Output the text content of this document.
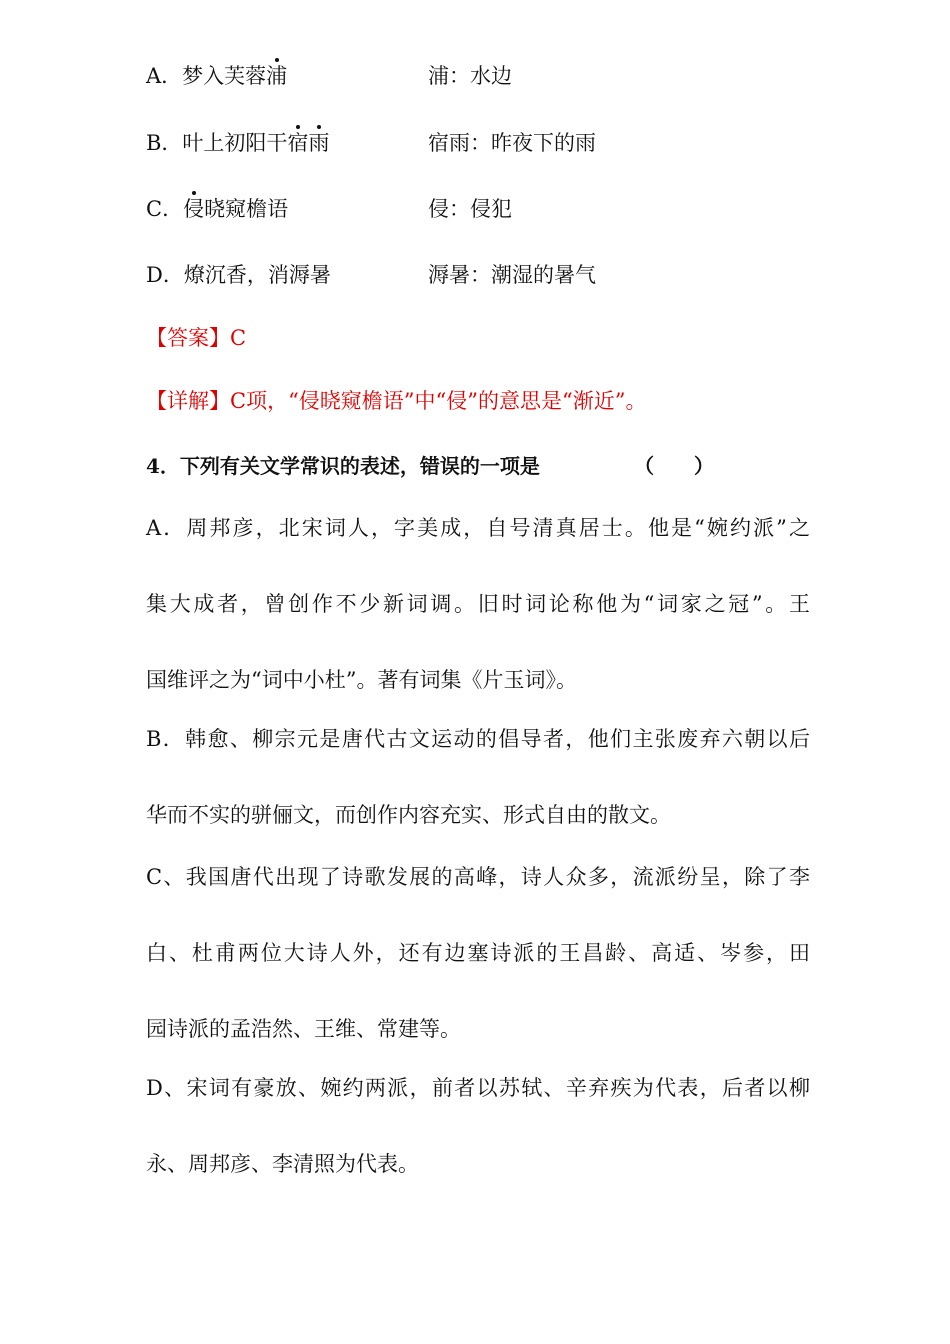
A．梦入芙蓉浦	浦：水边
B．叶上初阳干宿雨	宿雨：昨夜下的雨
C．侵晓窥檐语	侵：侵犯
D．燎沉香，消溽暑	溽暑：潮湿的暑气
【答案】C
【详解】C项，“侵晓窥檐语”中“侵”的意思是“渐近”。
4．下列有关文学常识的表述，错误的一项是	（　　）
A．周邦彦，北宋词人，字美成，自号清真居士。他是“婉约派”之
集大成者，曾创作不少新词调。旧时词论称他为“词家之冠”。王
国维评之为“词中小杜”。著有词集《片玉词》。
B．韩愈、柳宗元是唐代古文运动的倡导者，他们主张废弃六朝以后
华而不实的骈俪文，而创作内容充实、形式自由的散文。
C、我国唐代出现了诗歌发展的高峰，诗人众多，流派纷呈，除了李
白、杜甫两位大诗人外，还有边塞诗派的王昌龄、高适、岑参，田
园诗派的孟浩然、王维、常建等。
D、宋词有豪放、婉约两派，前者以苏轼、辛弃疾为代表，后者以柳
永、周邦彦、李清照为代表。
